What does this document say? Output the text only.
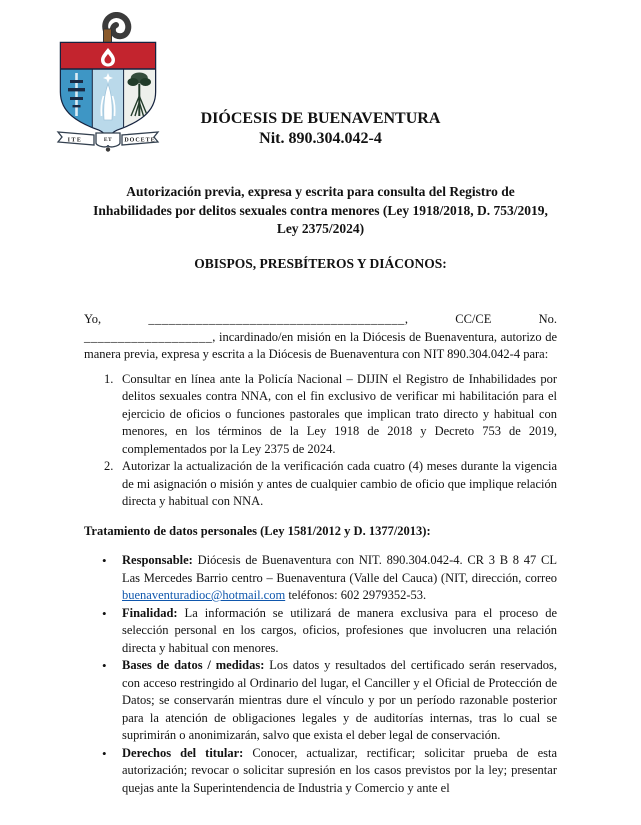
ITE	ET DOCETE
DIÓCESIS DE BUENAVENTURA
Nit. 890.304.042-4
Autorización previa, expresa y escrita para consulta del Registro de Inhabilidades por delitos sexuales contra menores (Ley 1918/2018, D. 753/2019, Ley 2375/2024)
OBISPOS, PRESBÍTEROS Y DIÁCONOS:

Yo, ______________________________________, CC/CE No. ___________________, incardinado/en misión en la Diócesis de Buenaventura, autorizo de manera previa, expresa y escrita a la Diócesis de Buenaventura con NIT 890.304.042-4 para:

1. Consultar en línea ante la Policía Nacional – DIJIN el Registro de Inhabilidades por delitos sexuales contra NNA, con el fin exclusivo de verificar mi habilitación para el ejercicio de oficios o funciones pastorales que implican trato directo y habitual con menores, en los términos de la Ley 1918 de 2018 y Decreto 753 de 2019, complementados por la Ley 2375 de 2024.
2. Autorizar la actualización de la verificación cada cuatro (4) meses durante la vigencia de mi asignación o misión y antes de cualquier cambio de oficio que implique relación directa y habitual con NNA.
Tratamiento de datos personales (Ley 1581/2012 y D. 1377/2013):
• Responsable: Diócesis de Buenaventura con NIT. 890.304.042-4. CR 3 B 8 47 CL Las Mercedes Barrio centro – Buenaventura (Valle del Cauca) (NIT, dirección, correo buenaventuradioc@hotmail.com teléfonos: 602 2979352-53.
• Finalidad: La información se utilizará de manera exclusiva para el proceso de selección personal en los cargos, oficios, profesiones que involucren una relación directa y habitual con menores.
• Bases de datos / medidas: Los datos y resultados del certificado serán reservados, con acceso restringido al Ordinario del lugar, el Canciller y el Oficial de Protección de Datos; se conservarán mientras dure el vínculo y por un período razonable posterior para la atención de obligaciones legales y de auditorías internas, tras lo cual se suprimirán o anonimizarán, salvo que exista el deber legal de conservación.
• Derechos del titular: Conocer, actualizar, rectificar; solicitar prueba de esta autorización; revocar o solicitar supresión en los casos previstos por la ley; presentar quejas ante la Superintendencia de Industria y Comercio y ante el
